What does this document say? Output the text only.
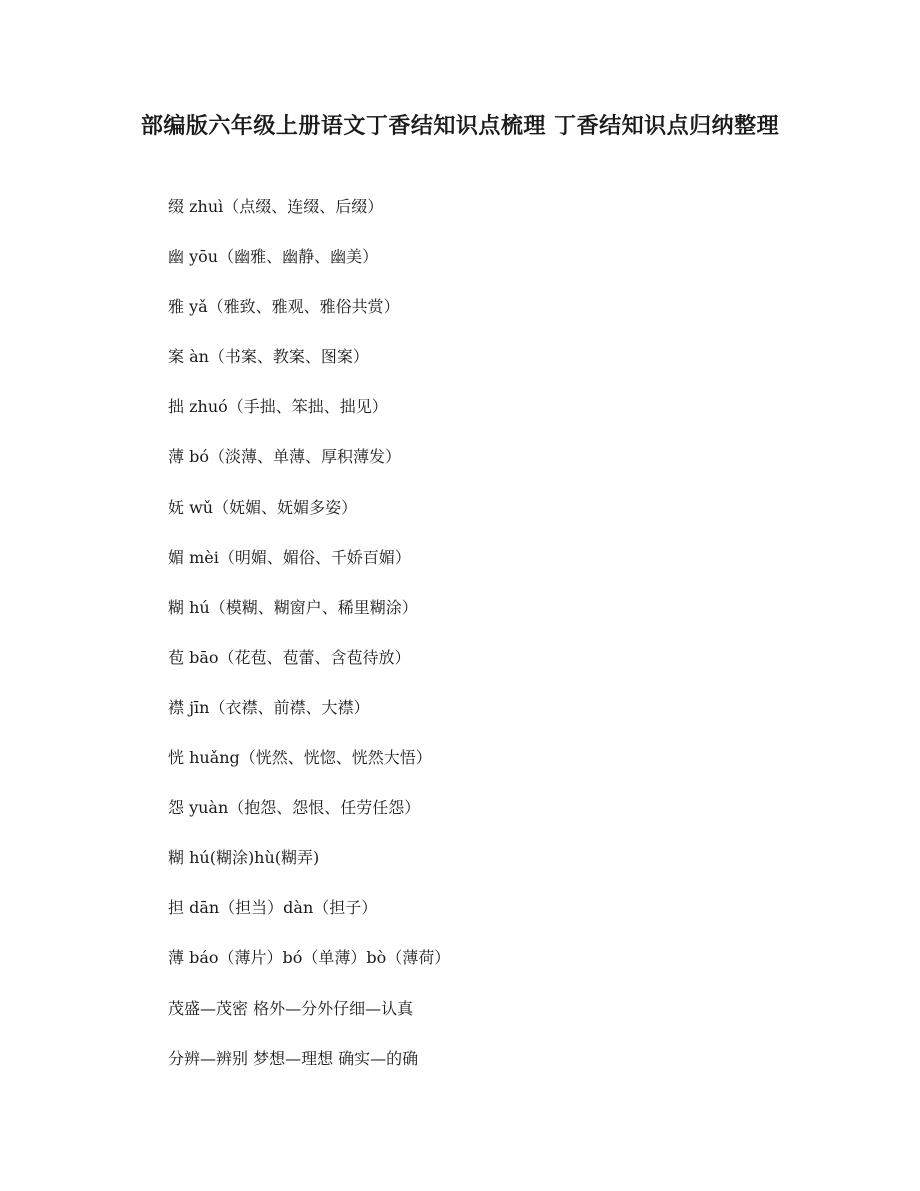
部编版六年级上册语文丁香结知识点梳理 丁香结知识点归纳整理
缀 zhuì（点缀、连缀、后缀）
幽 yōu（幽雅、幽静、幽美）
雅 yǎ（雅致、雅观、雅俗共赏）
案 àn（书案、教案、图案）
拙 zhuó（手拙、笨拙、拙见）
薄 bó（淡薄、单薄、厚积薄发）
妩 wǔ（妩媚、妩媚多姿）
媚 mèi（明媚、媚俗、千娇百媚）
糊 hú（模糊、糊窗户、稀里糊涂）
苞 bāo（花苞、苞蕾、含苞待放）
襟 jīn（衣襟、前襟、大襟）
恍 huǎng（恍然、恍惚、恍然大悟）
怨 yuàn（抱怨、怨恨、任劳任怨）
糊 hú(糊涂)hù(糊弄)
担 dān（担当）dàn（担子）
薄 báo（薄片）bó（单薄）bò（薄荷）
茂盛—茂密 格外—分外仔细—认真
分辨—辨别 梦想—理想 确实—的确
